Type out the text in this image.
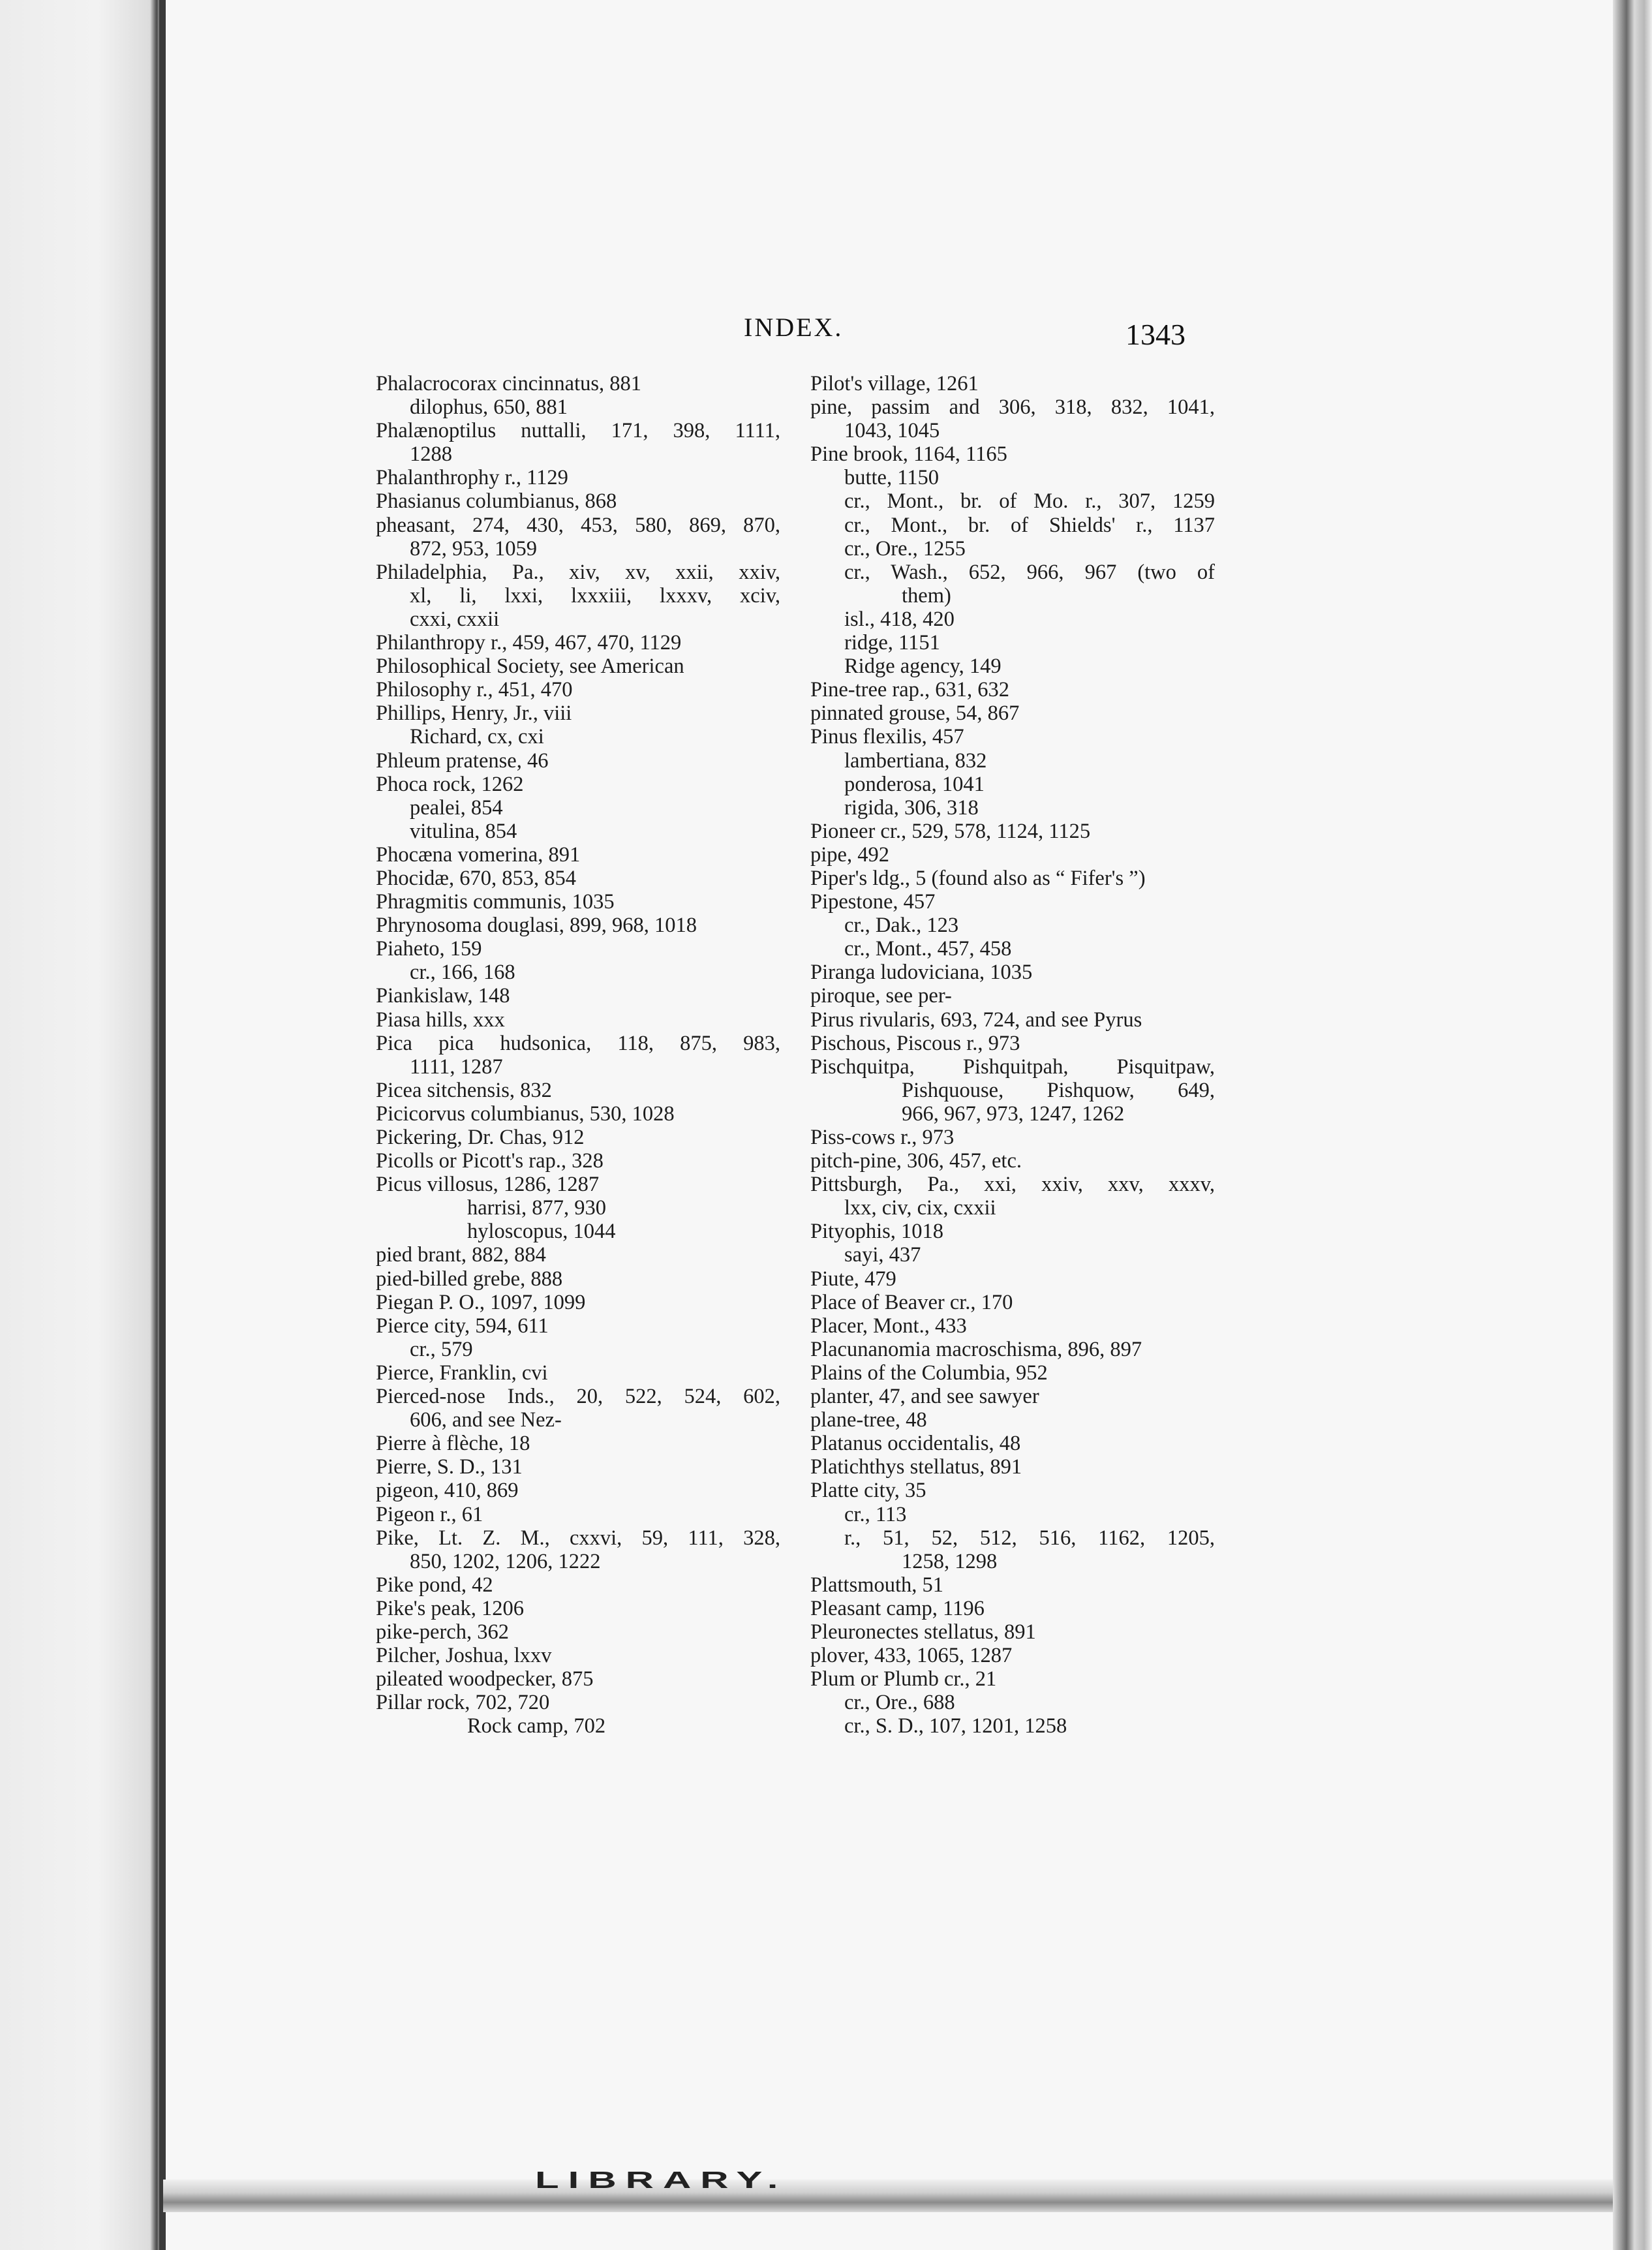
LIBRARY.
INDEX.	1343
Phalacrocorax cincinnatus, 881
dilophus, 650, 881
Phalænoptilus nuttalli, 171, 398, 1111,
1288
Phalanthrophy r., 1129
Phasianus columbianus, 868
pheasant, 274, 430, 453, 580, 869, 870,
872, 953, 1059
Philadelphia, Pa., xiv, xv, xxii, xxiv,
xl, li, lxxi, lxxxiii, lxxxv, xciv,
cxxi, cxxii
Philanthropy r., 459, 467, 470, 1129
Philosophical Society, see American
Philosophy r., 451, 470
Phillips, Henry, Jr., viii
Richard, cx, cxi
Phleum pratense, 46
Phoca rock, 1262
pealei, 854
vitulina, 854
Phocæna vomerina, 891
Phocidæ, 670, 853, 854
Phragmitis communis, 1035
Phrynosoma douglasi, 899, 968, 1018
Piaheto, 159
cr., 166, 168
Piankislaw, 148
Piasa hills, xxx
Pica pica hudsonica, 118, 875, 983,
1111, 1287
Picea sitchensis, 832
Picicorvus columbianus, 530, 1028
Pickering, Dr. Chas, 912
Picolls or Picott's rap., 328
Picus villosus, 1286, 1287
harrisi, 877, 930
hyloscopus, 1044
pied brant, 882, 884
pied-billed grebe, 888
Piegan P. O., 1097, 1099
Pierce city, 594, 611
cr., 579
Pierce, Franklin, cvi
Pierced-nose Inds., 20, 522, 524, 602,
606, and see Nez-
Pierre à flèche, 18
Pierre, S. D., 131
pigeon, 410, 869
Pigeon r., 61
Pike, Lt. Z. M., cxxvi, 59, 111, 328,
850, 1202, 1206, 1222
Pike pond, 42
Pike's peak, 1206
pike-perch, 362
Pilcher, Joshua, lxxv
pileated woodpecker, 875
Pillar rock, 702, 720
Rock camp, 702
Pilot's village, 1261
pine, passim and 306, 318, 832, 1041,
1043, 1045
Pine brook, 1164, 1165
butte, 1150
cr., Mont., br. of Mo. r., 307, 1259
cr., Mont., br. of Shields' r., 1137
cr., Ore., 1255
cr., Wash., 652, 966, 967 (two of
them)
isl., 418, 420
ridge, 1151
Ridge agency, 149
Pine-tree rap., 631, 632
pinnated grouse, 54, 867
Pinus flexilis, 457
lambertiana, 832
ponderosa, 1041
rigida, 306, 318
Pioneer cr., 529, 578, 1124, 1125
pipe, 492
Piper's ldg., 5 (found also as “ Fifer's ”)
Pipestone, 457
cr., Dak., 123
cr., Mont., 457, 458
Piranga ludoviciana, 1035
piroque, see per-
Pirus rivularis, 693, 724, and see Pyrus
Pischous, Piscous r., 973
Pischquitpa, Pishquitpah, Pisquitpaw,
Pishquouse, Pishquow, 649,
966, 967, 973, 1247, 1262
Piss-cows r., 973
pitch-pine, 306, 457, etc.
Pittsburgh, Pa., xxi, xxiv, xxv, xxxv,
lxx, civ, cix, cxxii
Pityophis, 1018
sayi, 437
Piute, 479
Place of Beaver cr., 170
Placer, Mont., 433
Placunanomia macroschisma, 896, 897
Plains of the Columbia, 952
planter, 47, and see sawyer
plane-tree, 48
Platanus occidentalis, 48
Platichthys stellatus, 891
Platte city, 35
cr., 113
r., 51, 52, 512, 516, 1162, 1205,
1258, 1298
Plattsmouth, 51
Pleasant camp, 1196
Pleuronectes stellatus, 891
plover, 433, 1065, 1287
Plum or Plumb cr., 21
cr., Ore., 688
cr., S. D., 107, 1201, 1258
